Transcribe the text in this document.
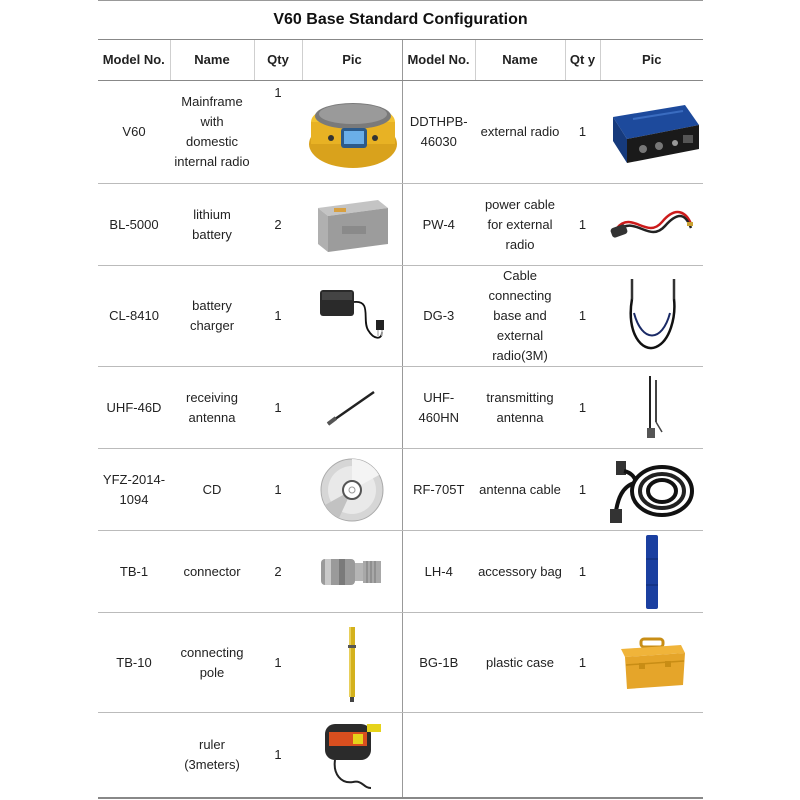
V60 Base Standard Configuration
Model No.	Name	Qty	Pic	Model No.	Name	Qt y	Pic
V60	Mainframe with domestic internal radio	1		DDTHPB-46030	external radio	1	

BL-5000	lithium battery	2		PW-4	power cable for external radio	1	

CL-8410	battery charger	1		DG-3	Cable connecting base and external radio(3M)	1	

UHF-46D	receiving antenna	1		UHF-460HN	transmitting antenna	1	

YFZ-2014-1094	CD	1		RF-705T	antenna cable	1	

TB-1	connector	2		LH-4	accessory bag	1	

TB-10	connecting pole	1		BG-1B	plastic case	1	

	ruler (3meters)	1	
